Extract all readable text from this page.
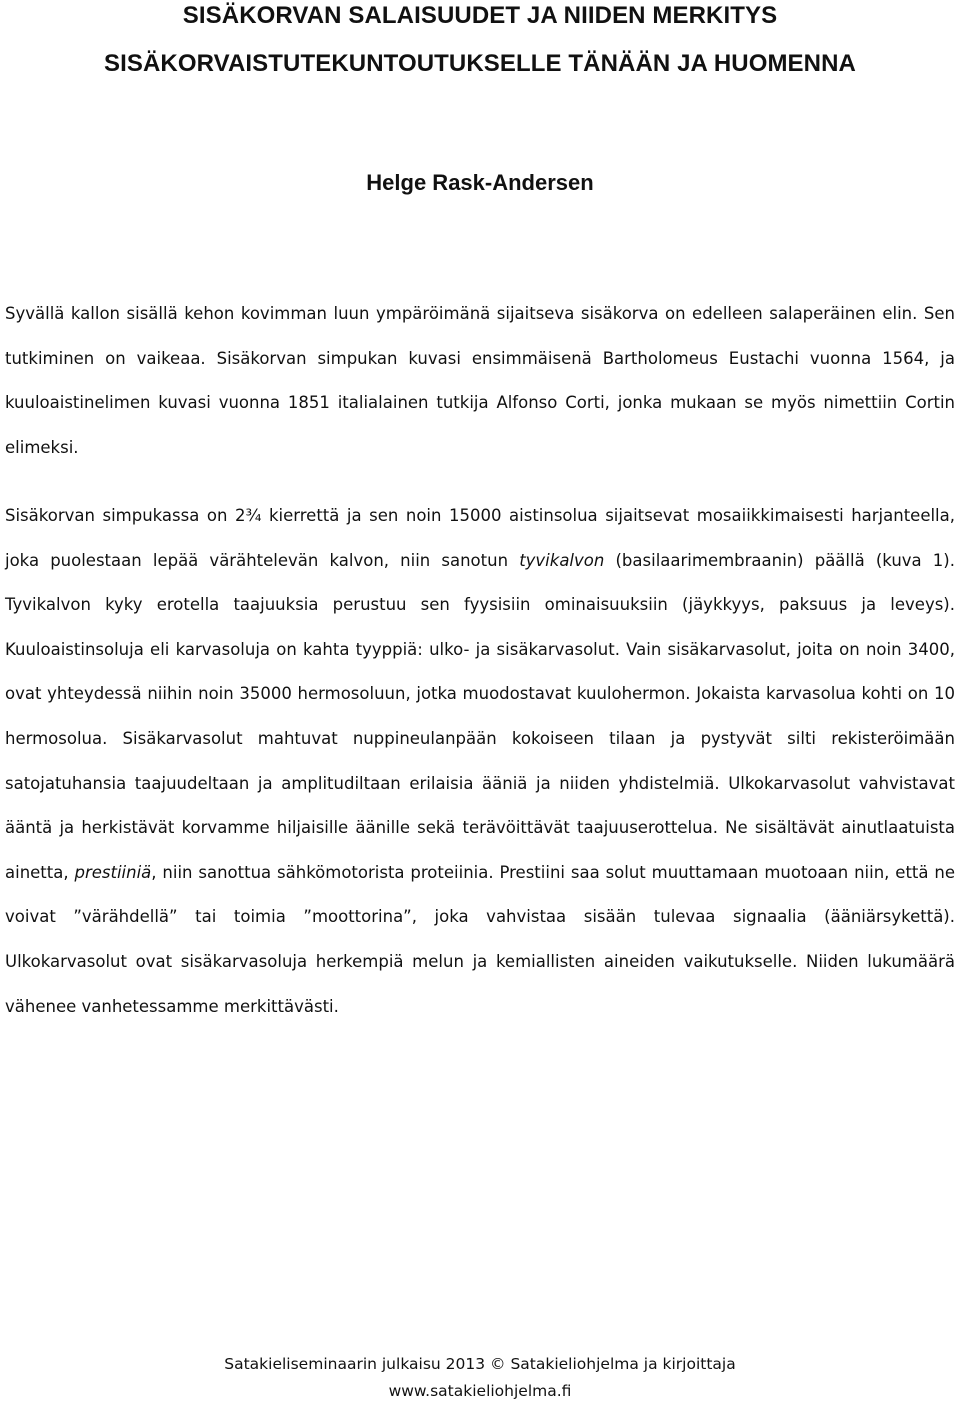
SISÄKORVAN SALAISUUDET JA NIIDEN MERKITYS
SISÄKORVAISTUTEKUNTOUTUKSELLE TÄNÄÄN JA HUOMENNA
Helge Rask-Andersen

Syvällä kallon sisällä kehon kovimman luun ympäröimänä sijaitseva sisäkorva on edelleen salaperäinen elin. Sen tutkiminen on vaikeaa. Sisäkorvan simpukan kuvasi ensimmäisenä Bartholomeus Eustachi vuonna 1564, ja kuuloaistinelimen kuvasi vuonna 1851 italialainen tutkija Alfonso Corti, jonka mukaan se myös nimettiin Cortin elimeksi.

Sisäkorvan simpukassa on 2¾ kierrettä ja sen noin 15000 aistinsolua sijaitsevat mosaiikkimaisesti harjanteella, joka puolestaan lepää värähtelevän kalvon, niin sanotun tyvikalvon (basilaarimembraanin) päällä (kuva 1). Tyvikalvon kyky erotella taajuuksia perustuu sen fyysisiin ominaisuuksiin (jäykkyys, paksuus ja leveys). Kuuloaistinsoluja eli karvasoluja on kahta tyyppiä: ulko- ja sisäkarvasolut. Vain sisäkarvasolut, joita on noin 3400, ovat yhteydessä niihin noin 35000 hermosoluun, jotka muodostavat kuulohermon. Jokaista karvasolua kohti on 10 hermosolua. Sisäkarvasolut mahtuvat nuppineulanpään kokoiseen tilaan ja pystyvät silti rekisteröimään satojatuhansia taajuudeltaan ja amplitudiltaan erilaisia ääniä ja niiden yhdistelmiä. Ulkokarvasolut vahvistavat ääntä ja herkistävät korvamme hiljaisille äänille sekä terävöittävät taajuuserottelua. Ne sisältävät ainutlaatuista ainetta, prestiiniä, niin sanottua sähkömotorista proteiinia. Prestiini saa solut muuttamaan muotoaan niin, että ne voivat ”värähdellä” tai toimia ”moottorina”, joka vahvistaa sisään tulevaa signaalia (ääniärsykettä). Ulkokarvasolut ovat sisäkarvasoluja herkempiä melun ja kemiallisten aineiden vaikutukselle. Niiden lukumäärä vähenee vanhetessamme merkittävästi.

Satakieliseminaarin julkaisu 2013 © Satakieliohjelma ja kirjoittaja

www.satakieliohjelma.fi
